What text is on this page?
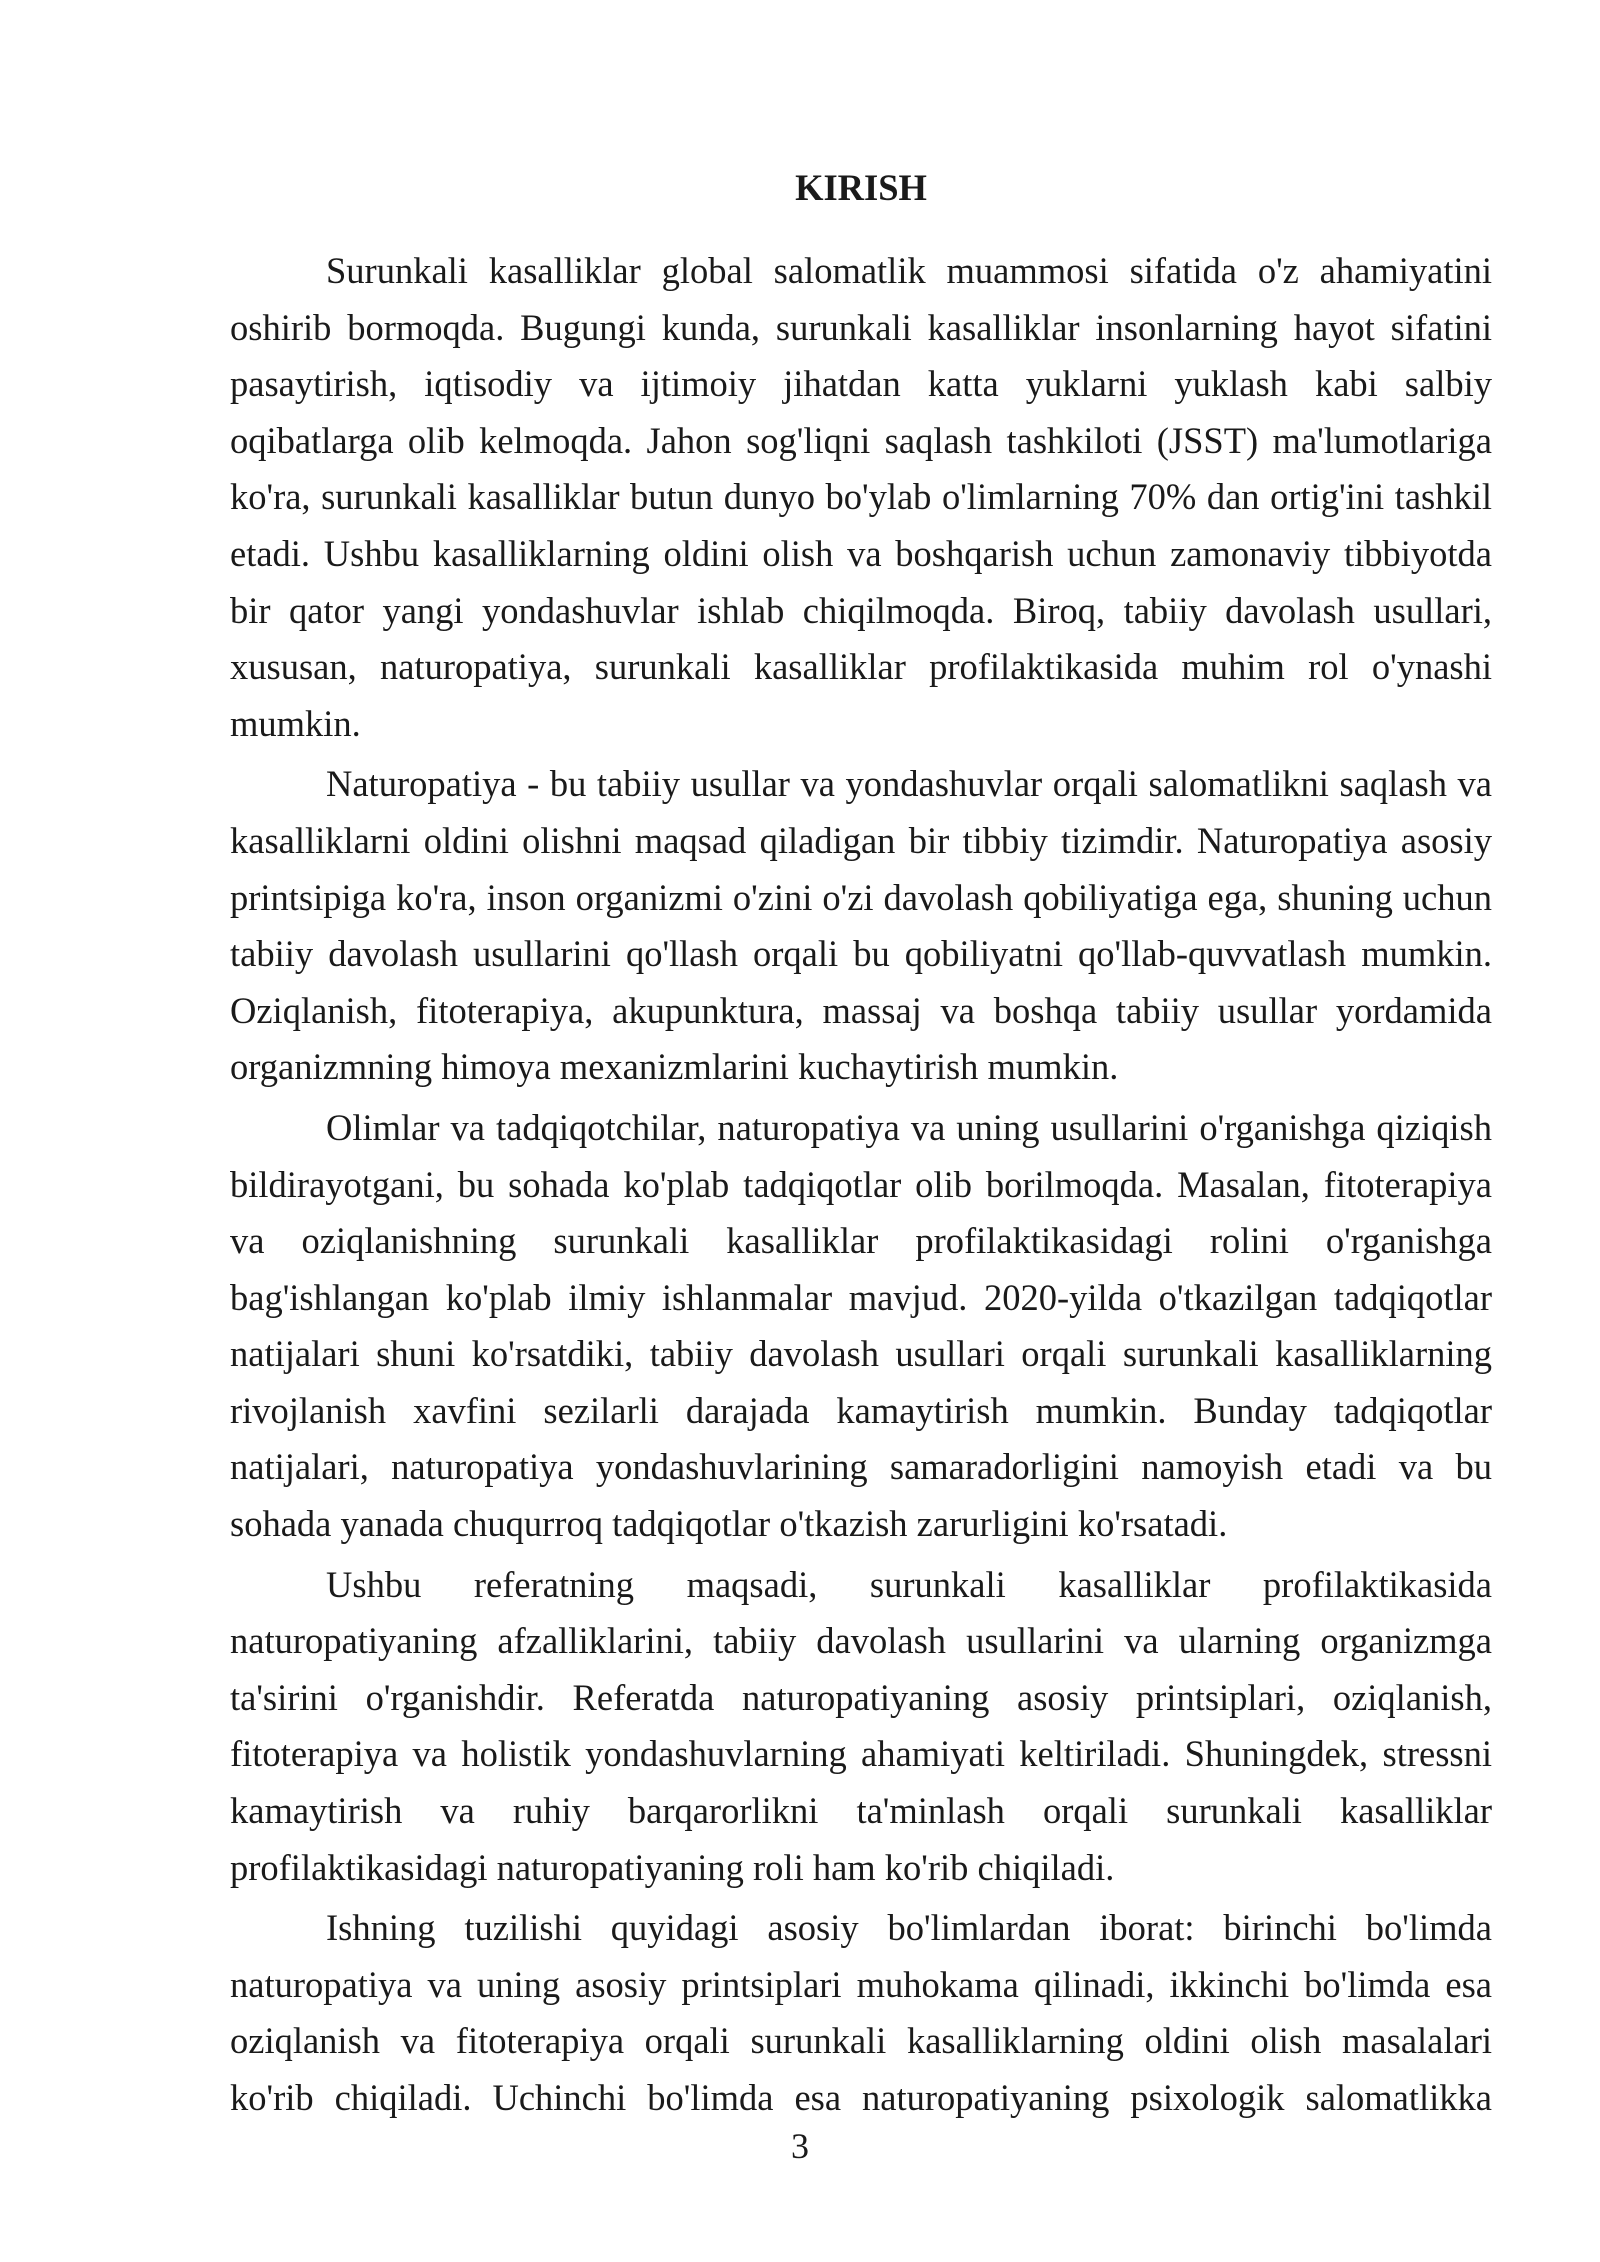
KIRISH

Surunkali kasalliklar global salomatlik muammosi sifatida o'z ahamiyatini oshirib bormoqda. Bugungi kunda, surunkali kasalliklar insonlarning hayot sifatini pasaytirish, iqtisodiy va ijtimoiy jihatdan katta yuklarni yuklash kabi salbiy oqibatlarga olib kelmoqda. Jahon sog'liqni saqlash tashkiloti (JSST) ma'lumotlariga ko'ra, surunkali kasalliklar butun dunyo bo'ylab o'limlarning 70% dan ortig'ini tashkil etadi. Ushbu kasalliklarning oldini olish va boshqarish uchun zamonaviy tibbiyotda bir qator yangi yondashuvlar ishlab chiqilmoqda. Biroq, tabiiy davolash usullari, xususan, naturopatiya, surunkali kasalliklar profilaktikasida muhim rol o'ynashi mumkin.

Naturopatiya - bu tabiiy usullar va yondashuvlar orqali salomatlikni saqlash va kasalliklarni oldini olishni maqsad qiladigan bir tibbiy tizimdir. Naturopatiya asosiy printsipiga ko'ra, inson organizmi o'zini o'zi davolash qobiliyatiga ega, shuning uchun tabiiy davolash usullarini qo'llash orqali bu qobiliyatni qo'llab-quvvatlash mumkin. Oziqlanish, fitoterapiya, akupunktura, massaj va boshqa tabiiy usullar yordamida organizmning himoya mexanizmlarini kuchaytirish mumkin.

Olimlar va tadqiqotchilar, naturopatiya va uning usullarini o'rganishga qiziqish bildirayotgani, bu sohada ko'plab tadqiqotlar olib borilmoqda. Masalan, fitoterapiya va oziqlanishning surunkali kasalliklar profilaktikasidagi rolini o'rganishga bag'ishlangan ko'plab ilmiy ishlanmalar mavjud. 2020-yilda o'tkazilgan tadqiqotlar natijalari shuni ko'rsatdiki, tabiiy davolash usullari orqali surunkali kasalliklarning rivojlanish xavfini sezilarli darajada kamaytirish mumkin. Bunday tadqiqotlar natijalari, naturopatiya yondashuvlarining samaradorligini namoyish etadi va bu sohada yanada chuqurroq tadqiqotlar o'tkazish zarurligini ko'rsatadi.

Ushbu referatning maqsadi, surunkali kasalliklar profilaktikasida naturopatiyaning afzalliklarini, tabiiy davolash usullarini va ularning organizmga ta'sirini o'rganishdir. Referatda naturopatiyaning asosiy printsiplari, oziqlanish, fitoterapiya va holistik yondashuvlarning ahamiyati keltiriladi. Shuningdek, stressni kamaytirish va ruhiy barqarorlikni ta'minlash orqali surunkali kasalliklar profilaktikasidagi naturopatiyaning roli ham ko'rib chiqiladi.

Ishning tuzilishi quyidagi asosiy bo'limlardan iborat: birinchi bo'limda naturopatiya va uning asosiy printsiplari muhokama qilinadi, ikkinchi bo'limda esa oziqlanish va fitoterapiya orqali surunkali kasalliklarning oldini olish masalalari ko'rib chiqiladi. Uchinchi bo'limda esa naturopatiyaning psixologik salomatlikka

3
